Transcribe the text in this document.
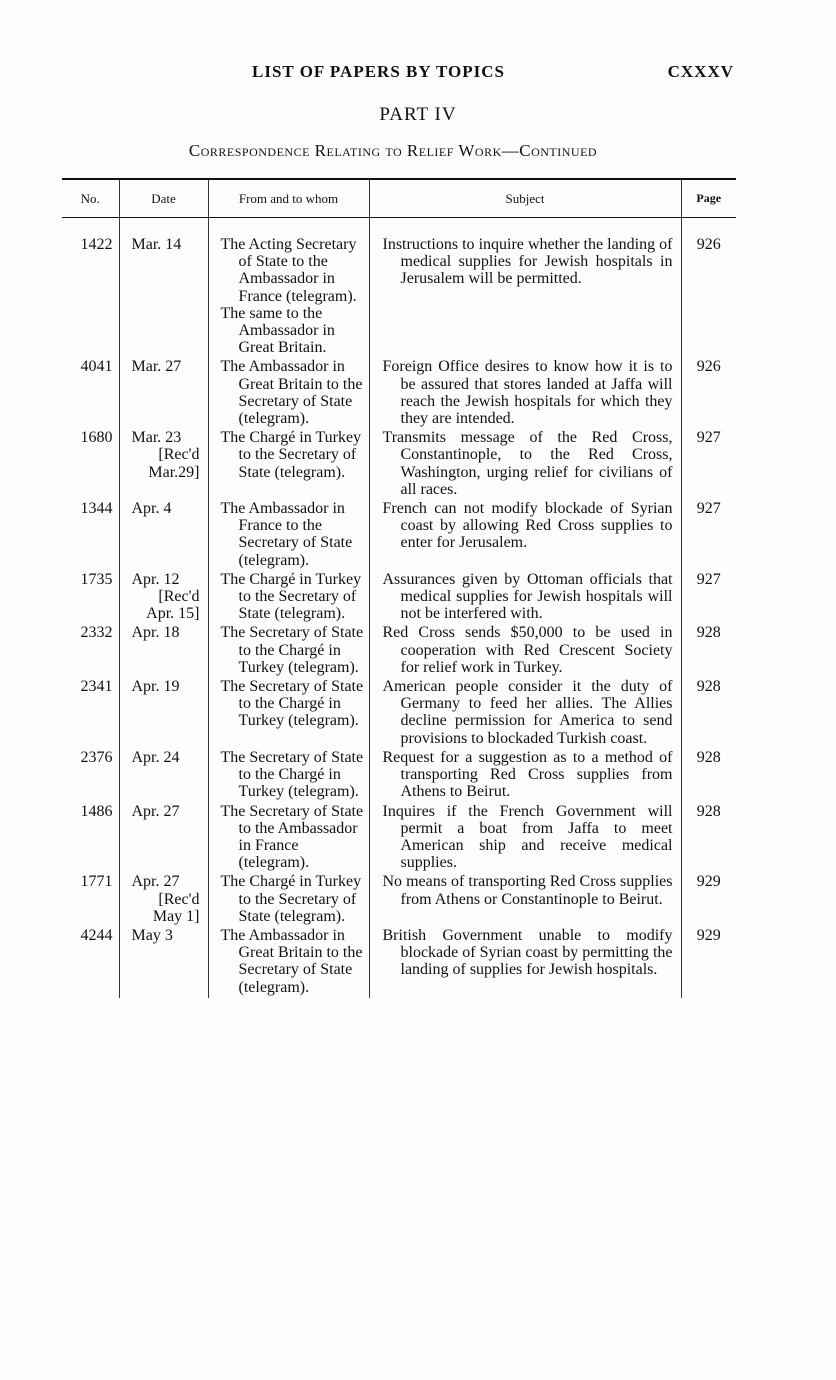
LIST OF PAPERS BY TOPICS	CXXXV
PART IV
Correspondence Relating to Relief Work—Continued
No.	Date	From and to whom	Subject	Page

1422	Mar. 14	The Acting Secretary of State to the Ambassador in France (telegram).
The same to the Ambassador in Great Britain.	Instructions to inquire whether the landing of medical supplies for Jewish hospitals in Jerusalem will be permitted.	926
4041	Mar. 27	The Ambassador in Great Britain to the Secretary of State (telegram).	Foreign Office desires to know how it is to be assured that stores landed at Jaffa will reach the Jewish hospitals for which they they are intended.	926
1680	Mar. 23
[Rec'd
Mar.29]	The Chargé in Turkey to the Secretary of State (telegram).	Transmits message of the Red Cross, Constantinople, to the Red Cross, Washington, urging relief for civilians of all races.	927
1344	Apr. 4	The Ambassador in France to the Secretary of State (telegram).	French can not modify blockade of Syrian coast by allowing Red Cross supplies to enter for Jerusalem.	927
1735	Apr. 12
[Rec'd
Apr. 15]	The Chargé in Turkey to the Secretary of State (telegram).	Assurances given by Ottoman officials that medical supplies for Jewish hospitals will not be interfered with.	927
2332	Apr. 18	The Secretary of State to the Chargé in Turkey (telegram).	Red Cross sends $50,000 to be used in cooperation with Red Crescent Society for relief work in Turkey.	928
2341	Apr. 19	The Secretary of State to the Chargé in Turkey (telegram).	American people consider it the duty of Germany to feed her allies. The Allies decline permission for America to send provisions to blockaded Turkish coast.	928
2376	Apr. 24	The Secretary of State to the Chargé in Turkey (telegram).	Request for a suggestion as to a method of transporting Red Cross supplies from Athens to Beirut.	928
1486	Apr. 27	The Secretary of State to the Ambassador in France (telegram).	Inquires if the French Government will permit a boat from Jaffa to meet American ship and receive medical supplies.	928
1771	Apr. 27
[Rec'd
May 1]	The Chargé in Turkey to the Secretary of State (telegram).	No means of transporting Red Cross supplies from Athens or Constantinople to Beirut.	929
4244	May 3	The Ambassador in Great Britain to the Secretary of State (telegram).	British Government unable to modify blockade of Syrian coast by permitting the landing of supplies for Jewish hospitals.	929
